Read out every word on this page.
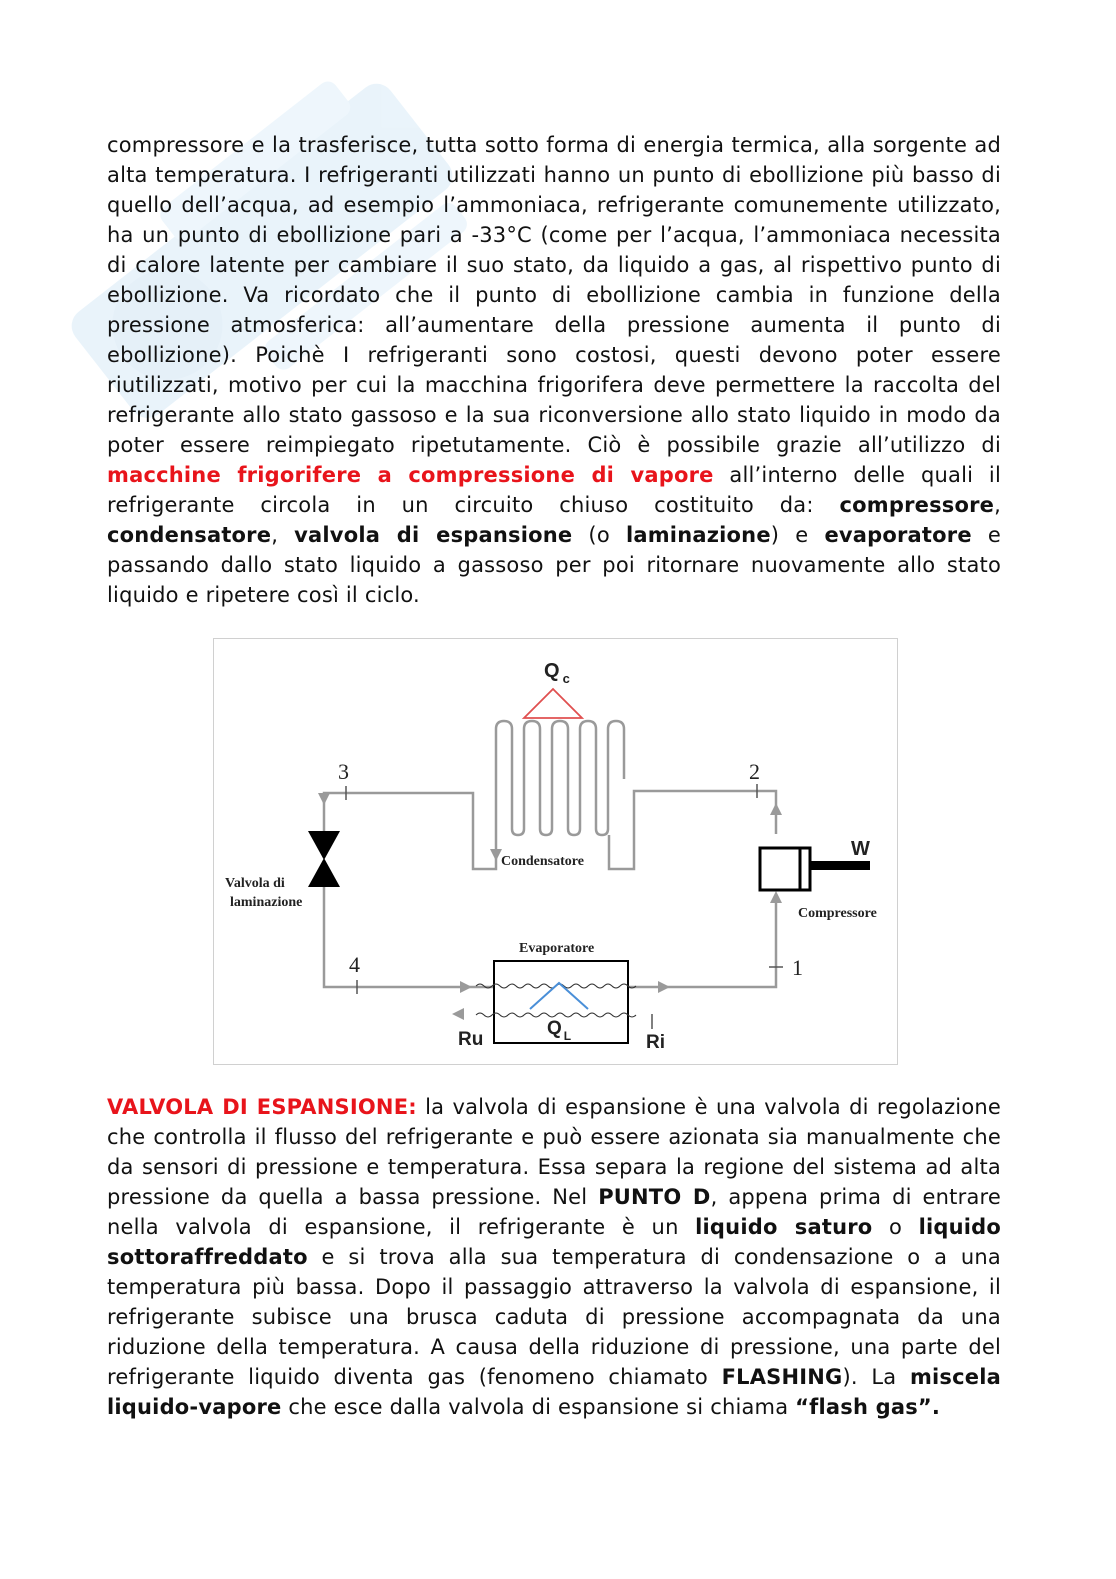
compressore e la trasferisce, tutta sotto forma di energia termica, alla sorgente ad alta temperatura. I refrigeranti utilizzati hanno un punto di ebollizione più basso di quello dell’acqua, ad esempio l’ammoniaca, refrigerante comunemente utilizzato, ha un punto di ebollizione pari a -33°C (come per l’acqua, l’ammoniaca necessita di calore latente per cambiare il suo stato, da liquido a gas, al rispettivo punto di ebollizione. Va ricordato che il punto di ebollizione cambia in funzione della pressione atmosferica: all’aumentare della pressione aumenta il punto di ebollizione). Poichè I refrigeranti sono costosi, questi devono poter essere riutilizzati, motivo per cui la macchina frigorifera deve permettere la raccolta del refrigerante allo stato gassoso e la sua riconversione allo stato liquido in modo da poter essere reimpiegato ripetutamente. Ciò è possibile grazie all’utilizzo di macchine frigorifere a compressione di vapore all’interno delle quali il refrigerante circola in un circuito chiuso costituito da: compressore, condensatore, valvola di espansione (o laminazione) e evaporatore e passando dallo stato liquido a gassoso per poi ritornare nuovamente allo stato liquido e ripetere così il ciclo.

Q $_c$
Q $_L$
3	2
1
4
W
Condensatore
Compressore
Evaporatore
Valvola di
laminazione
Ru	Ri

VALVOLA DI ESPANSIONE: la valvola di espansione è una valvola di regolazione che controlla il flusso del refrigerante e può essere azionata sia manualmente che da sensori di pressione e temperatura. Essa separa la regione del sistema ad alta pressione da quella a bassa pressione. Nel PUNTO D, appena prima di entrare nella valvola di espansione, il refrigerante è un liquido saturo o liquido sottoraffreddato e si trova alla sua temperatura di condensazione o a una temperatura più bassa. Dopo il passaggio attraverso la valvola di espansione, il refrigerante subisce una brusca caduta di pressione accompagnata da una riduzione della temperatura. A causa della riduzione di pressione, una parte del refrigerante liquido diventa gas (fenomeno chiamato FLASHING). La miscela liquido-vapore che esce dalla valvola di espansione si chiama “flash gas”.
